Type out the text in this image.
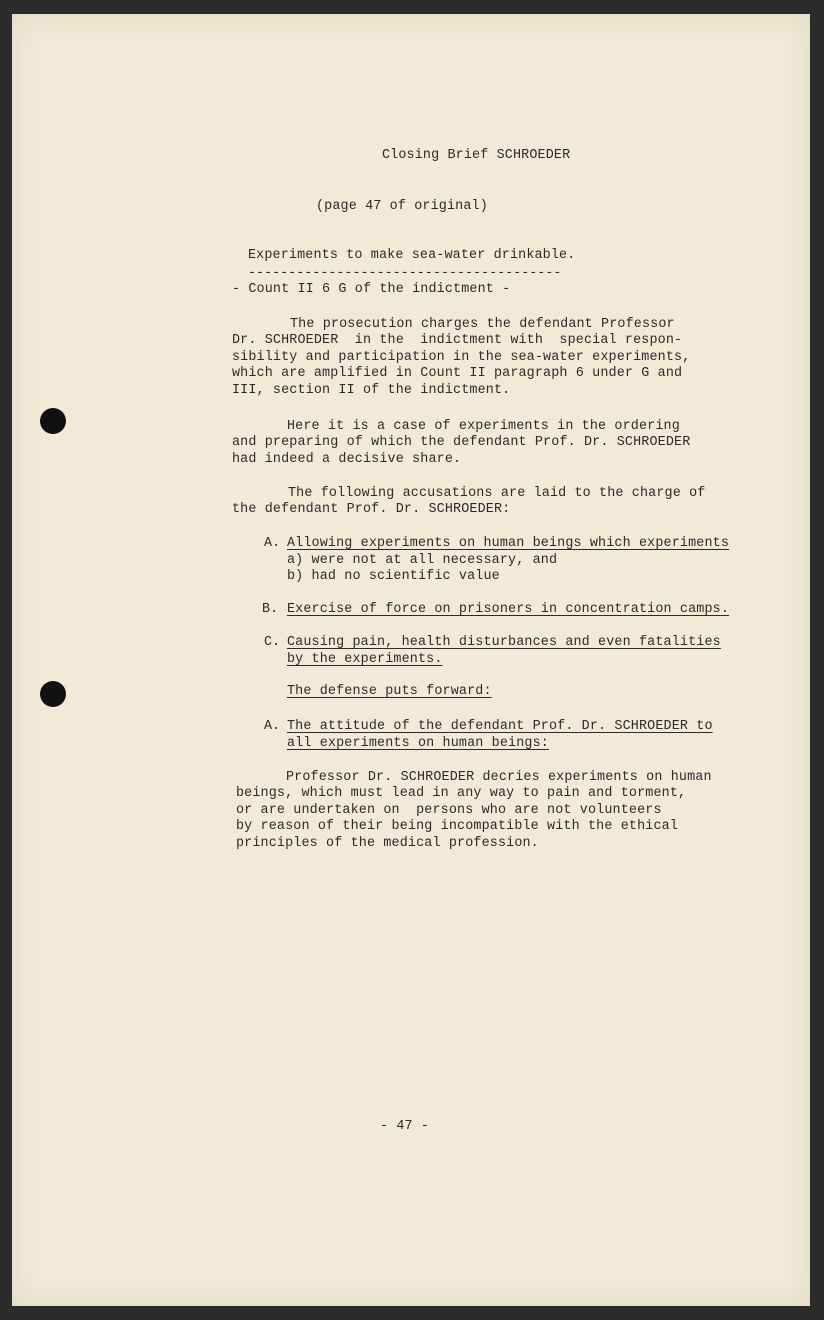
Closing Brief SCHROEDER
(page 47 of original)
Experiments to make sea-water drinkable.
---------------------------------------
- Count II 6 G of the indictment -
The prosecution charges the defendant Professor
Dr. SCHROEDER  in the  indictment with  special respon-
sibility and participation in the sea-water experiments,
which are amplified in Count II paragraph 6 under G and
III, section II of the indictment.
Here it is a case of experiments in the ordering
and preparing of which the defendant Prof. Dr. SCHROEDER
had indeed a decisive share.
The following accusations are laid to the charge of
the defendant Prof. Dr. SCHROEDER:
A. Allowing experiments on human beings which experiments
a) were not at all necessary, and
b) had no scientific value
B. Exercise of force on prisoners in concentration camps.
C. Causing pain, health disturbances and even fatalities
by the experiments.
The defense puts forward:
A. The attitude of the defendant Prof. Dr. SCHROEDER to
all experiments on human beings:
Professor Dr. SCHROEDER decries experiments on human
beings, which must lead in any way to pain and torment,
or are undertaken on  persons who are not volunteers
by reason of their being incompatible with the ethical
principles of the medical profession.
- 47 -
